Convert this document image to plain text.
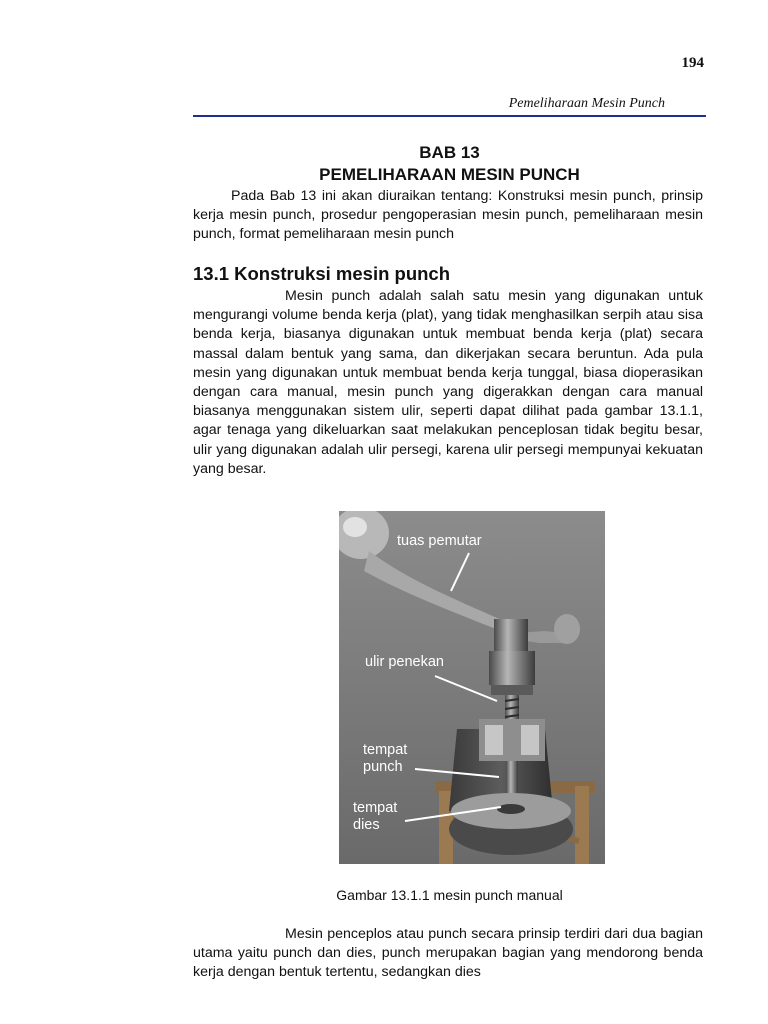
194
Pemeliharaan Mesin Punch
BAB 13
PEMELIHARAAN MESIN PUNCH

Pada Bab 13 ini akan diuraikan tentang: Konstruksi mesin punch, prinsip kerja mesin punch, prosedur pengoperasian mesin punch, pemeliharaan mesin punch, format pemeliharaan mesin punch

13.1 Konstruksi mesin punch

Mesin punch adalah salah satu mesin yang digunakan untuk mengurangi volume benda kerja (plat), yang tidak menghasilkan serpih atau sisa benda kerja, biasanya digunakan untuk membuat benda kerja (plat) secara massal dalam bentuk yang sama, dan dikerjakan secara beruntun. Ada pula mesin yang digunakan untuk membuat benda kerja tunggal, biasa dioperasikan dengan cara manual, mesin punch yang digerakkan dengan cara manual biasanya menggunakan sistem ulir, seperti dapat dilihat pada gambar 13.1.1, agar tenaga yang dikeluarkan saat melakukan penceplosan tidak begitu besar, ulir yang digunakan adalah ulir persegi, karena ulir persegi mempunyai kekuatan yang besar.

tuas pemutar
ulir penekan
tempat
punch
tempat
dies
Gambar 13.1.1 mesin punch manual

Mesin penceplos atau punch secara prinsip terdiri dari dua bagian utama yaitu punch dan dies, punch merupakan bagian yang mendorong benda kerja dengan bentuk tertentu, sedangkan dies
